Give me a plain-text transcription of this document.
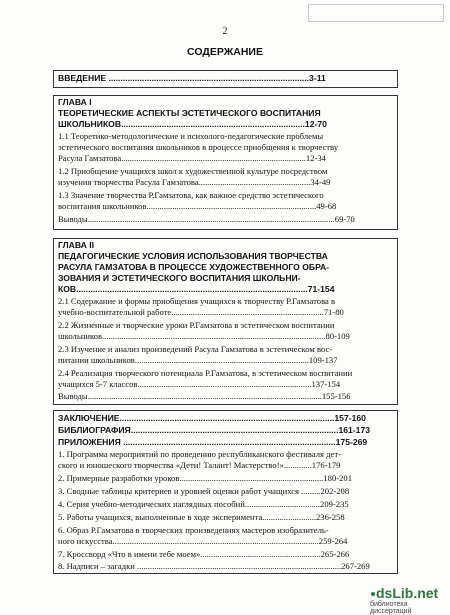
2
СОДЕРЖАНИЕ
ВВЕДЕНИЕ ....................................................................................3-11
ГЛАВА I
ТЕОРЕТИЧЕСКИЕ АСПЕКТЫ ЭСТЕТИЧЕСКОГО ВОСПИТАНИЯ
ШКОЛЬНИКОВ.............................................................................12-70
1.1 Теоретико-методологические и психолого-педагогические проблемы
эстетического воспитания школьников в процессе приобщения к творчеству
Расула Гамзатова......................................................................................12-34
1.2 Приобщение учащихся школ к художественной культуре посредством
изучения творчества Расула Гамзатова....................................................34-49
1.3 Значение творчества Р.Гамзатова, как важное средство эстетического
воспитания школьников...............................................................................49-68
Выводы...................................................................................................................69-70
ГЛАВА II
ПЕДАГОГИЧЕСКИЕ УСЛОВИЯ ИСПОЛЬЗОВАНИЯ ТВОРЧЕСТВА
РАСУЛА ГАМЗАТОВА В ПРОЦЕССЕ ХУДОЖЕСТВЕННОГО ОБРА-
ЗОВАНИЯ И ЭСТЕТИЧЕСКОГО ВОСПИТАНИЯ ШКОЛЬНИ-
КОВ.................................................................................................71-154
2.1 Содержание и формы приобщения учащихся к творчеству Р.Гамзатова в
учебно-воспитательной работе.......................................................................71-80
2.2 Жизненные и творческие уроки Р.Гамзатова в эстетическом воспитании
школьников........................................................................................................80-109
2.3 Изучение и анализ произведений Расула Гамзатова в эстетическом вос-
питании школьников.................................................................................109-137
2.4 Реализация творческого потенциала Р.Гамзатова, в эстетическом воспитании
учащихся 5-7 классов.................................................................................137-154
Выводы.............................................................................................................155-156
ЗАКЛЮЧЕНИЕ..........................................................................................157-160
БИБЛИОГРАФИЯ.......................................................................................161-173
ПРИЛОЖЕНИЯ .........................................................................................175-269
1. Программа мероприятий по проведению республиканского фестиваля дет-
ского и юношеского творчества «Дети! Талант! Мастерство!».............176-179
2. Примерные разработки уроков...................................................................180-201
3. Сводные таблицы критериев и уровней оценки работ учащихся .........202-208
4. Серия учебно-методических наглядных пособий...................................209-235
5. Работы учащихся, выполненные в ходе эксперимента.........................236-258
6. Образ Р.Гамзатова в творческих произведениях мастеров изобразитель-
ного искусства................................................................................................259-264
7. Кроссворд «Что в имени тебе моем»........................................................265-266
8. Надписи – загадки ...............................................................................................267-269
dsLib.net
библиотека диссертаций
